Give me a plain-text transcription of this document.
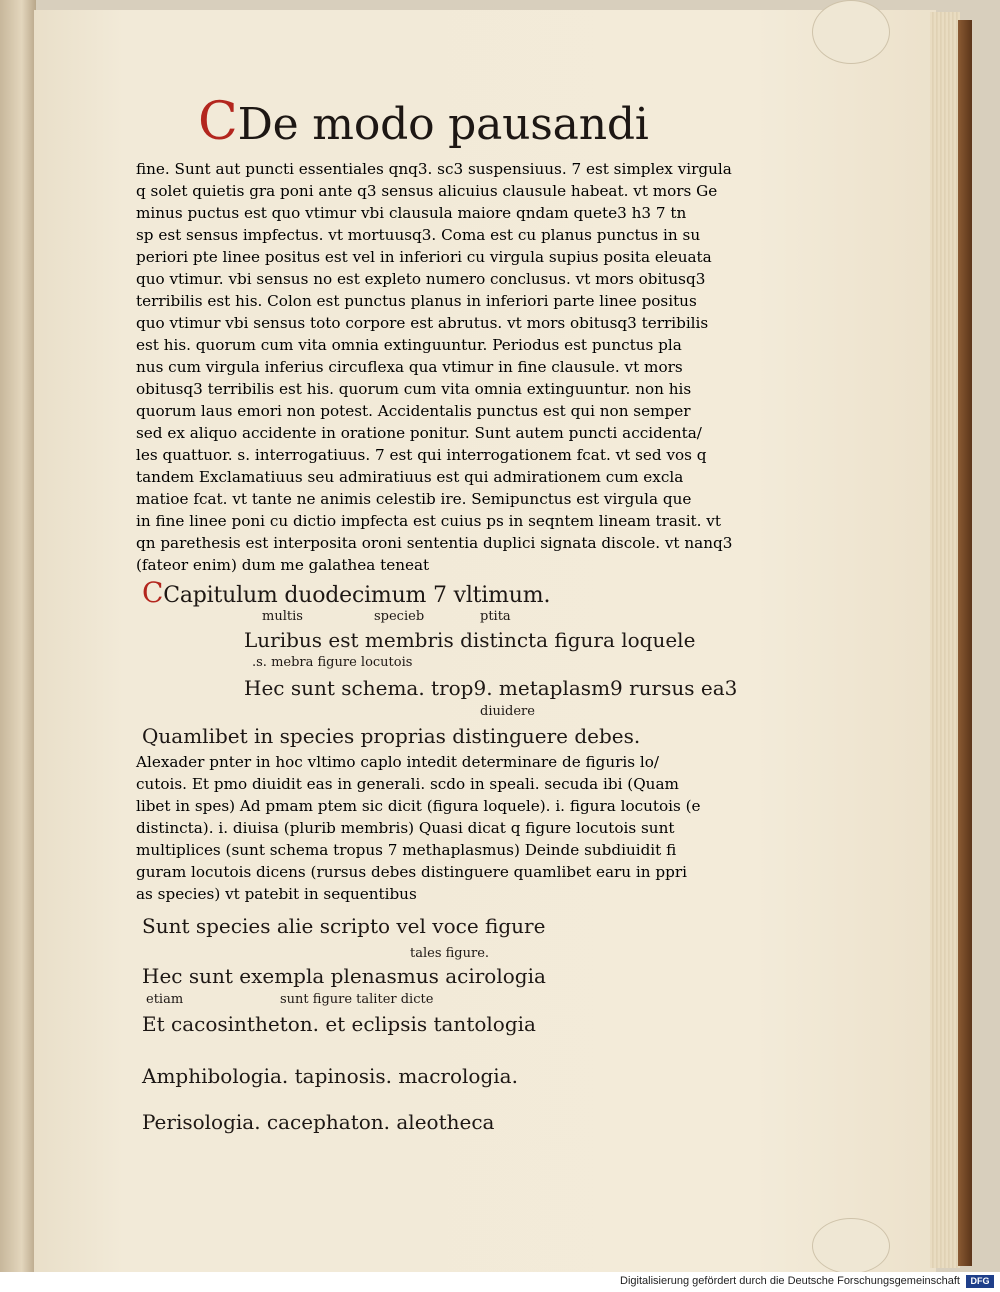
CDe modo pausandi
fine. Sunt aut puncti essentiales qnq3. sc3 suspensiuus. 7 est simplex virgula
q solet quietis gra poni ante q3 sensus alicuius clausule habeat. vt mors Ge
minus puctus est quo vtimur vbi clausula maiore qndam quete3 h3 7 tn
sp est sensus impfectus. vt mortuusq3. Coma est cu planus punctus in su
periori pte linee positus est vel in inferiori cu virgula supius posita eleuata
quo vtimur. vbi sensus no est expleto numero conclusus. vt mors obitusq3
terribilis est his. Colon est punctus planus in inferiori parte linee positus
quo vtimur vbi sensus toto corpore est abrutus. vt mors obitusq3 terribilis
est his. quorum cum vita omnia extinguuntur. Periodus est punctus pla
nus cum virgula inferius circuflexa qua vtimur in fine clausule. vt mors
obitusq3 terribilis est his. quorum cum vita omnia extinguuntur. non his
quorum laus emori non potest. Accidentalis punctus est qui non semper
sed ex aliquo accidente in oratione ponitur. Sunt autem puncti accidenta/
les quattuor. s. interrogatiuus. 7 est qui interrogationem fcat. vt sed vos q
tandem Exclamatiuus seu admiratiuus est qui admirationem cum excla
matioe fcat. vt tante ne animis celestib ire. Semipunctus est virgula que
in fine linee poni cu dictio impfecta est cuius ps in seqntem lineam trasit. vt
qn parethesis est interposita oroni sententia duplici signata discole. vt nanq3
(fateor enim) dum me galathea teneat
CCapitulum duodecimum 7 vltimum.
multis	specieb	ptita
Luribus est membris distincta figura loquele
.s. mebra figure locutois
Hec sunt schema. trop9. metaplasm9 rursus ea3
diuidere
Quamlibet in species proprias distinguere debes.
Alexader pnter in hoc vltimo caplo intedit determinare de figuris lo/
cutois. Et pmo diuidit eas in generali. scdo in speali. secuda ibi (Quam
libet in spes) Ad pmam ptem sic dicit (figura loquele). i. figura locutois (e
distincta). i. diuisa (plurib membris) Quasi dicat q figure locutois sunt
multiplices (sunt schema tropus 7 methaplasmus) Deinde subdiuidit fi
guram locutois dicens (rursus debes distinguere quamlibet earu in ppri
as species) vt patebit in sequentibus
Sunt species alie scripto vel voce figure
tales figure.
Hec sunt exempla plenasmus acirologia
etiam	sunt figure taliter dicte
Et cacosintheton. et eclipsis tantologia
Amphibologia. tapinosis. macrologia.
Perisologia. cacephaton. aleotheca
Digitalisierung gefördert durch die Deutsche Forschungsgemeinschaft	DFG
